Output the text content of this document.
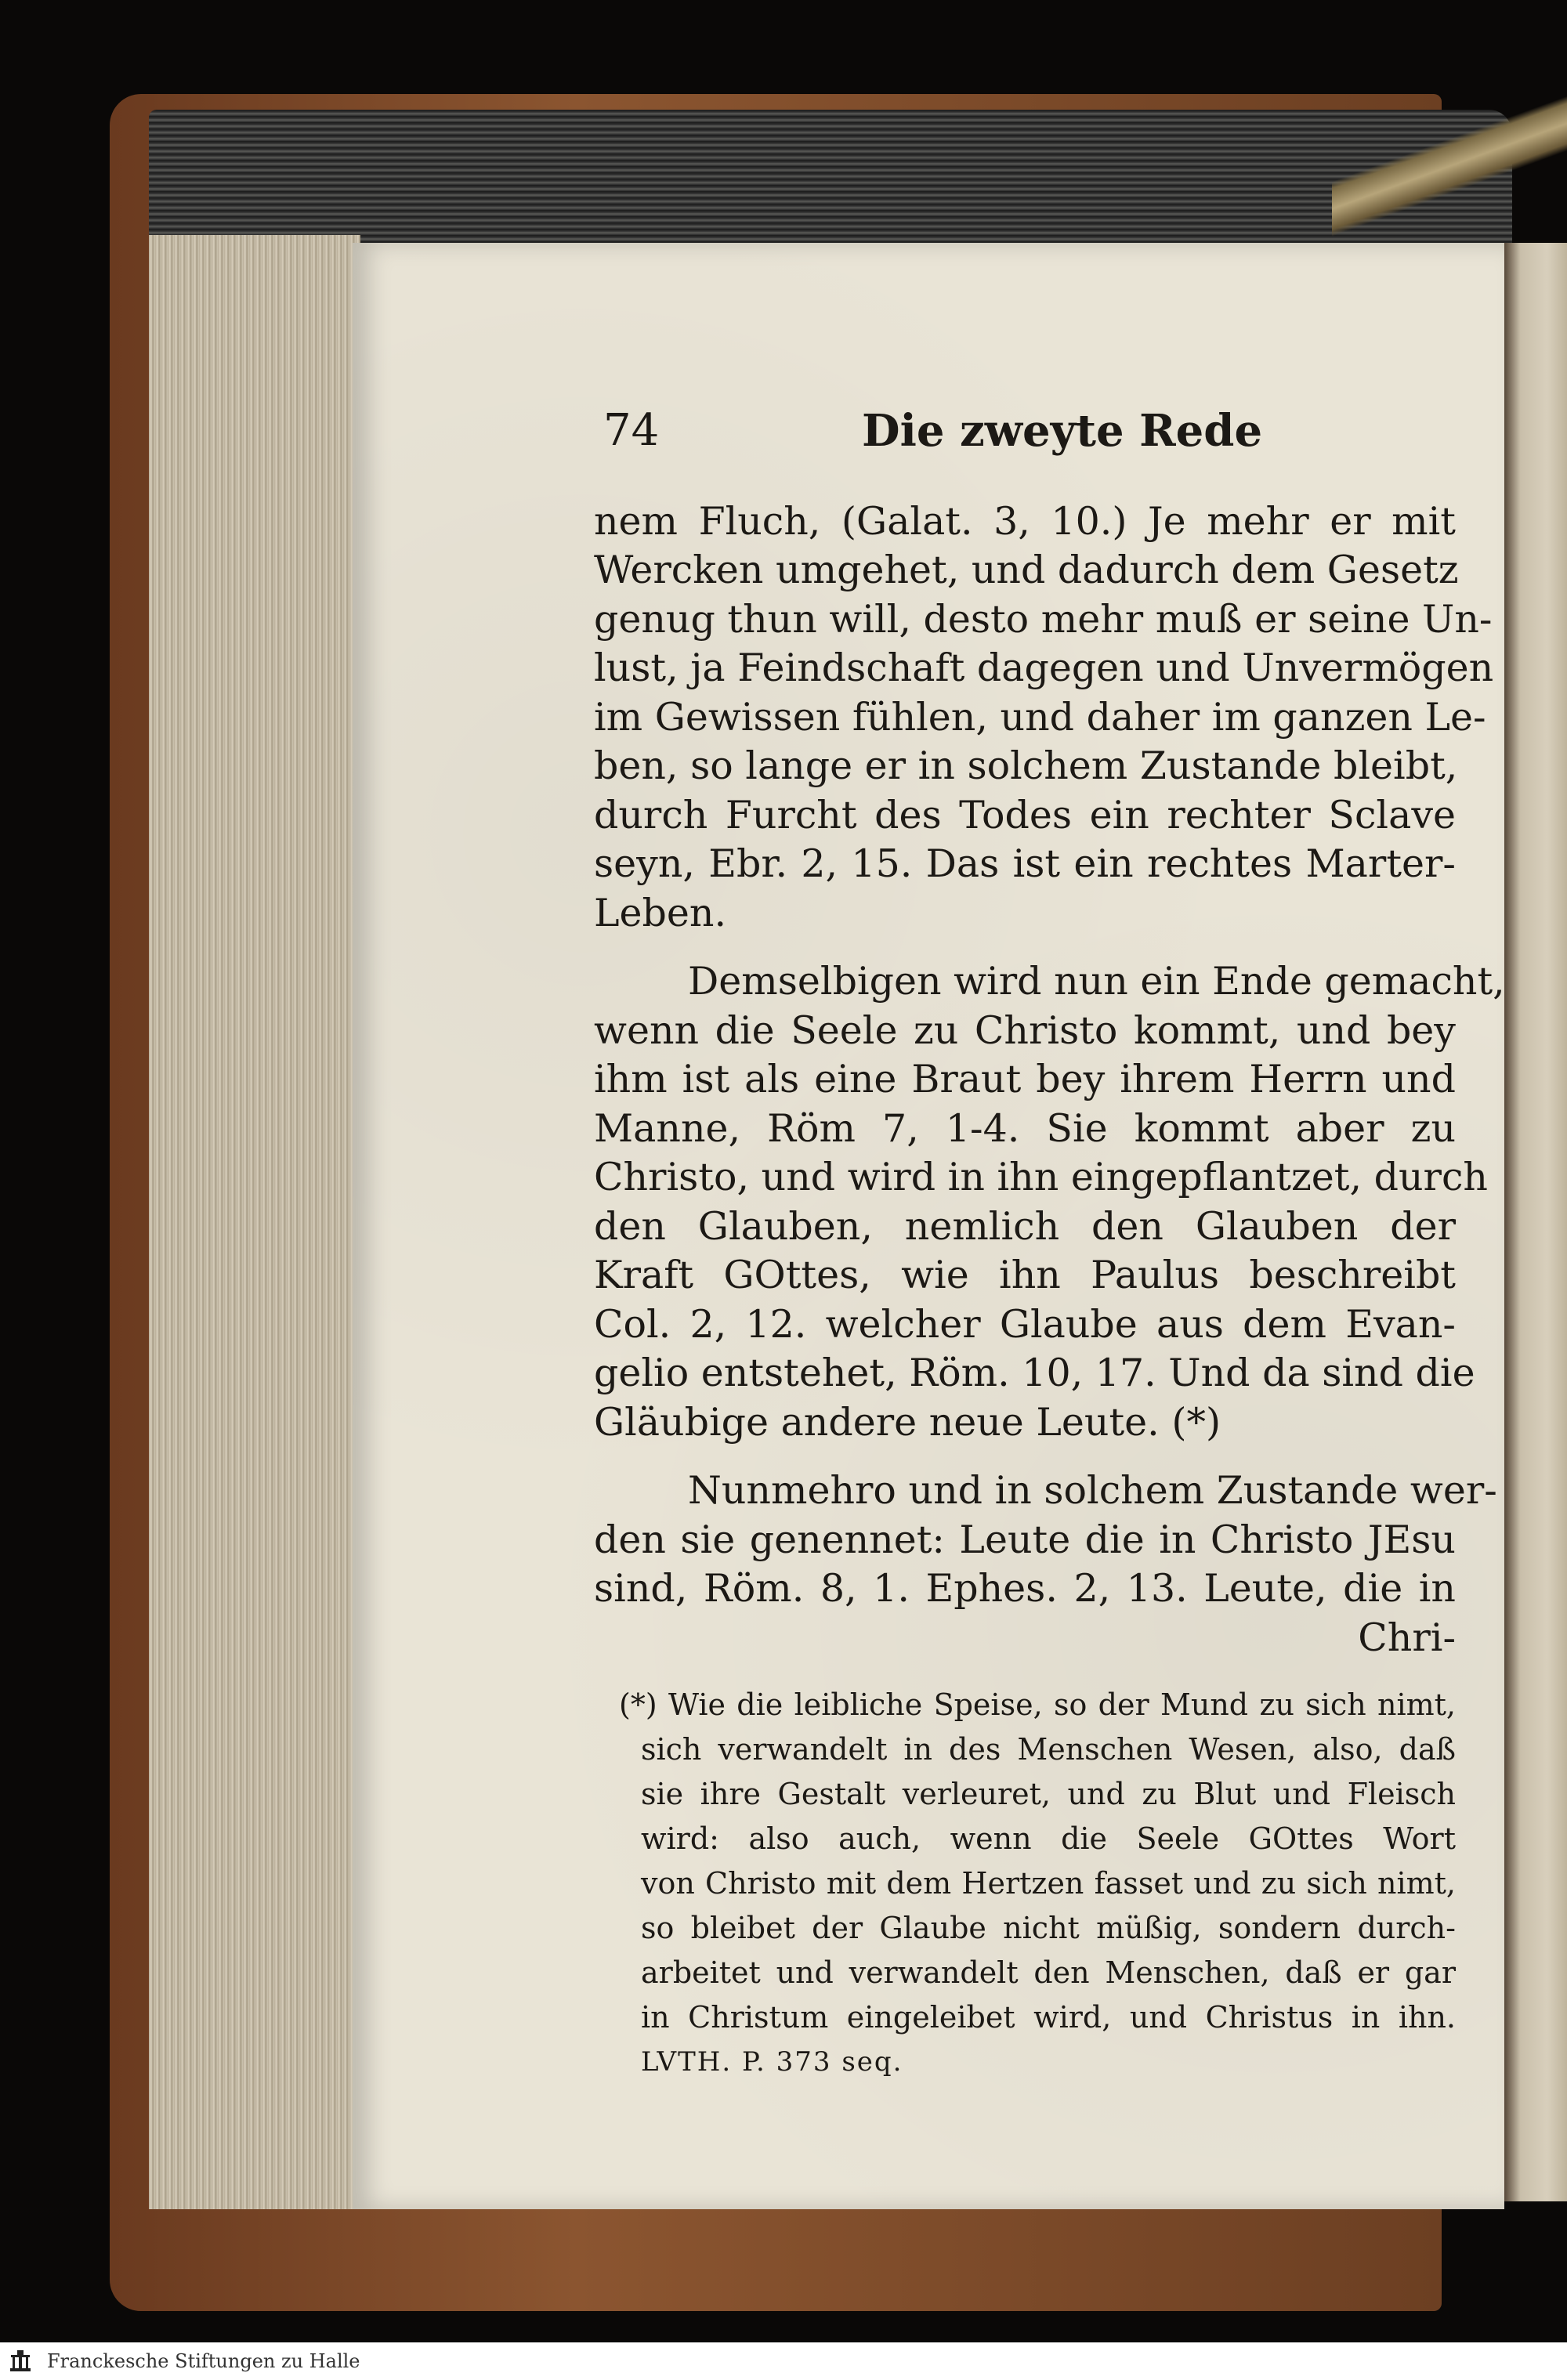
74	Die zweyte Rede
nem Fluch, (Galat. 3, 10.) Je mehr er mit
Wercken umgehet, und dadurch dem Gesetz
genug thun will, desto mehr muß er seine Un-
lust, ja Feindschaft dagegen und Unvermögen
im Gewissen fühlen, und daher im ganzen Le-
ben, so lange er in solchem Zustande bleibt,
durch Furcht des Todes ein rechter Sclave
seyn, Ebr. 2, 15. Das ist ein rechtes Marter-
Leben.
Demselbigen wird nun ein Ende gemacht,
wenn die Seele zu Christo kommt, und bey
ihm ist als eine Braut bey ihrem Herrn und
Manne, Röm 7, 1-4. Sie kommt aber zu
Christo, und wird in ihn eingepflantzet, durch
den Glauben, nemlich den Glauben der
Kraft GOttes, wie ihn Paulus beschreibt
Col. 2, 12. welcher Glaube aus dem Evan-
gelio entstehet, Röm. 10, 17. Und da sind die
Gläubige andere neue Leute. (*)
Nunmehro und in solchem Zustande wer-
den sie genennet: Leute die in Christo JEsu
sind, Röm. 8, 1. Ephes. 2, 13. Leute, die in
Chri-
(*) Wie die leibliche Speise, so der Mund zu sich nimt,
sich verwandelt in des Menschen Wesen, also, daß
sie ihre Gestalt verleuret, und zu Blut und Fleisch
wird: also auch, wenn die Seele GOttes Wort
von Christo mit dem Hertzen fasset und zu sich nimt,
so bleibet der Glaube nicht müßig, sondern durch-
arbeitet und verwandelt den Menschen, daß er gar
in Christum eingeleibet wird, und Christus in ihn.
LVTH. P. 373 seq.
Franckesche Stiftungen zu Halle
